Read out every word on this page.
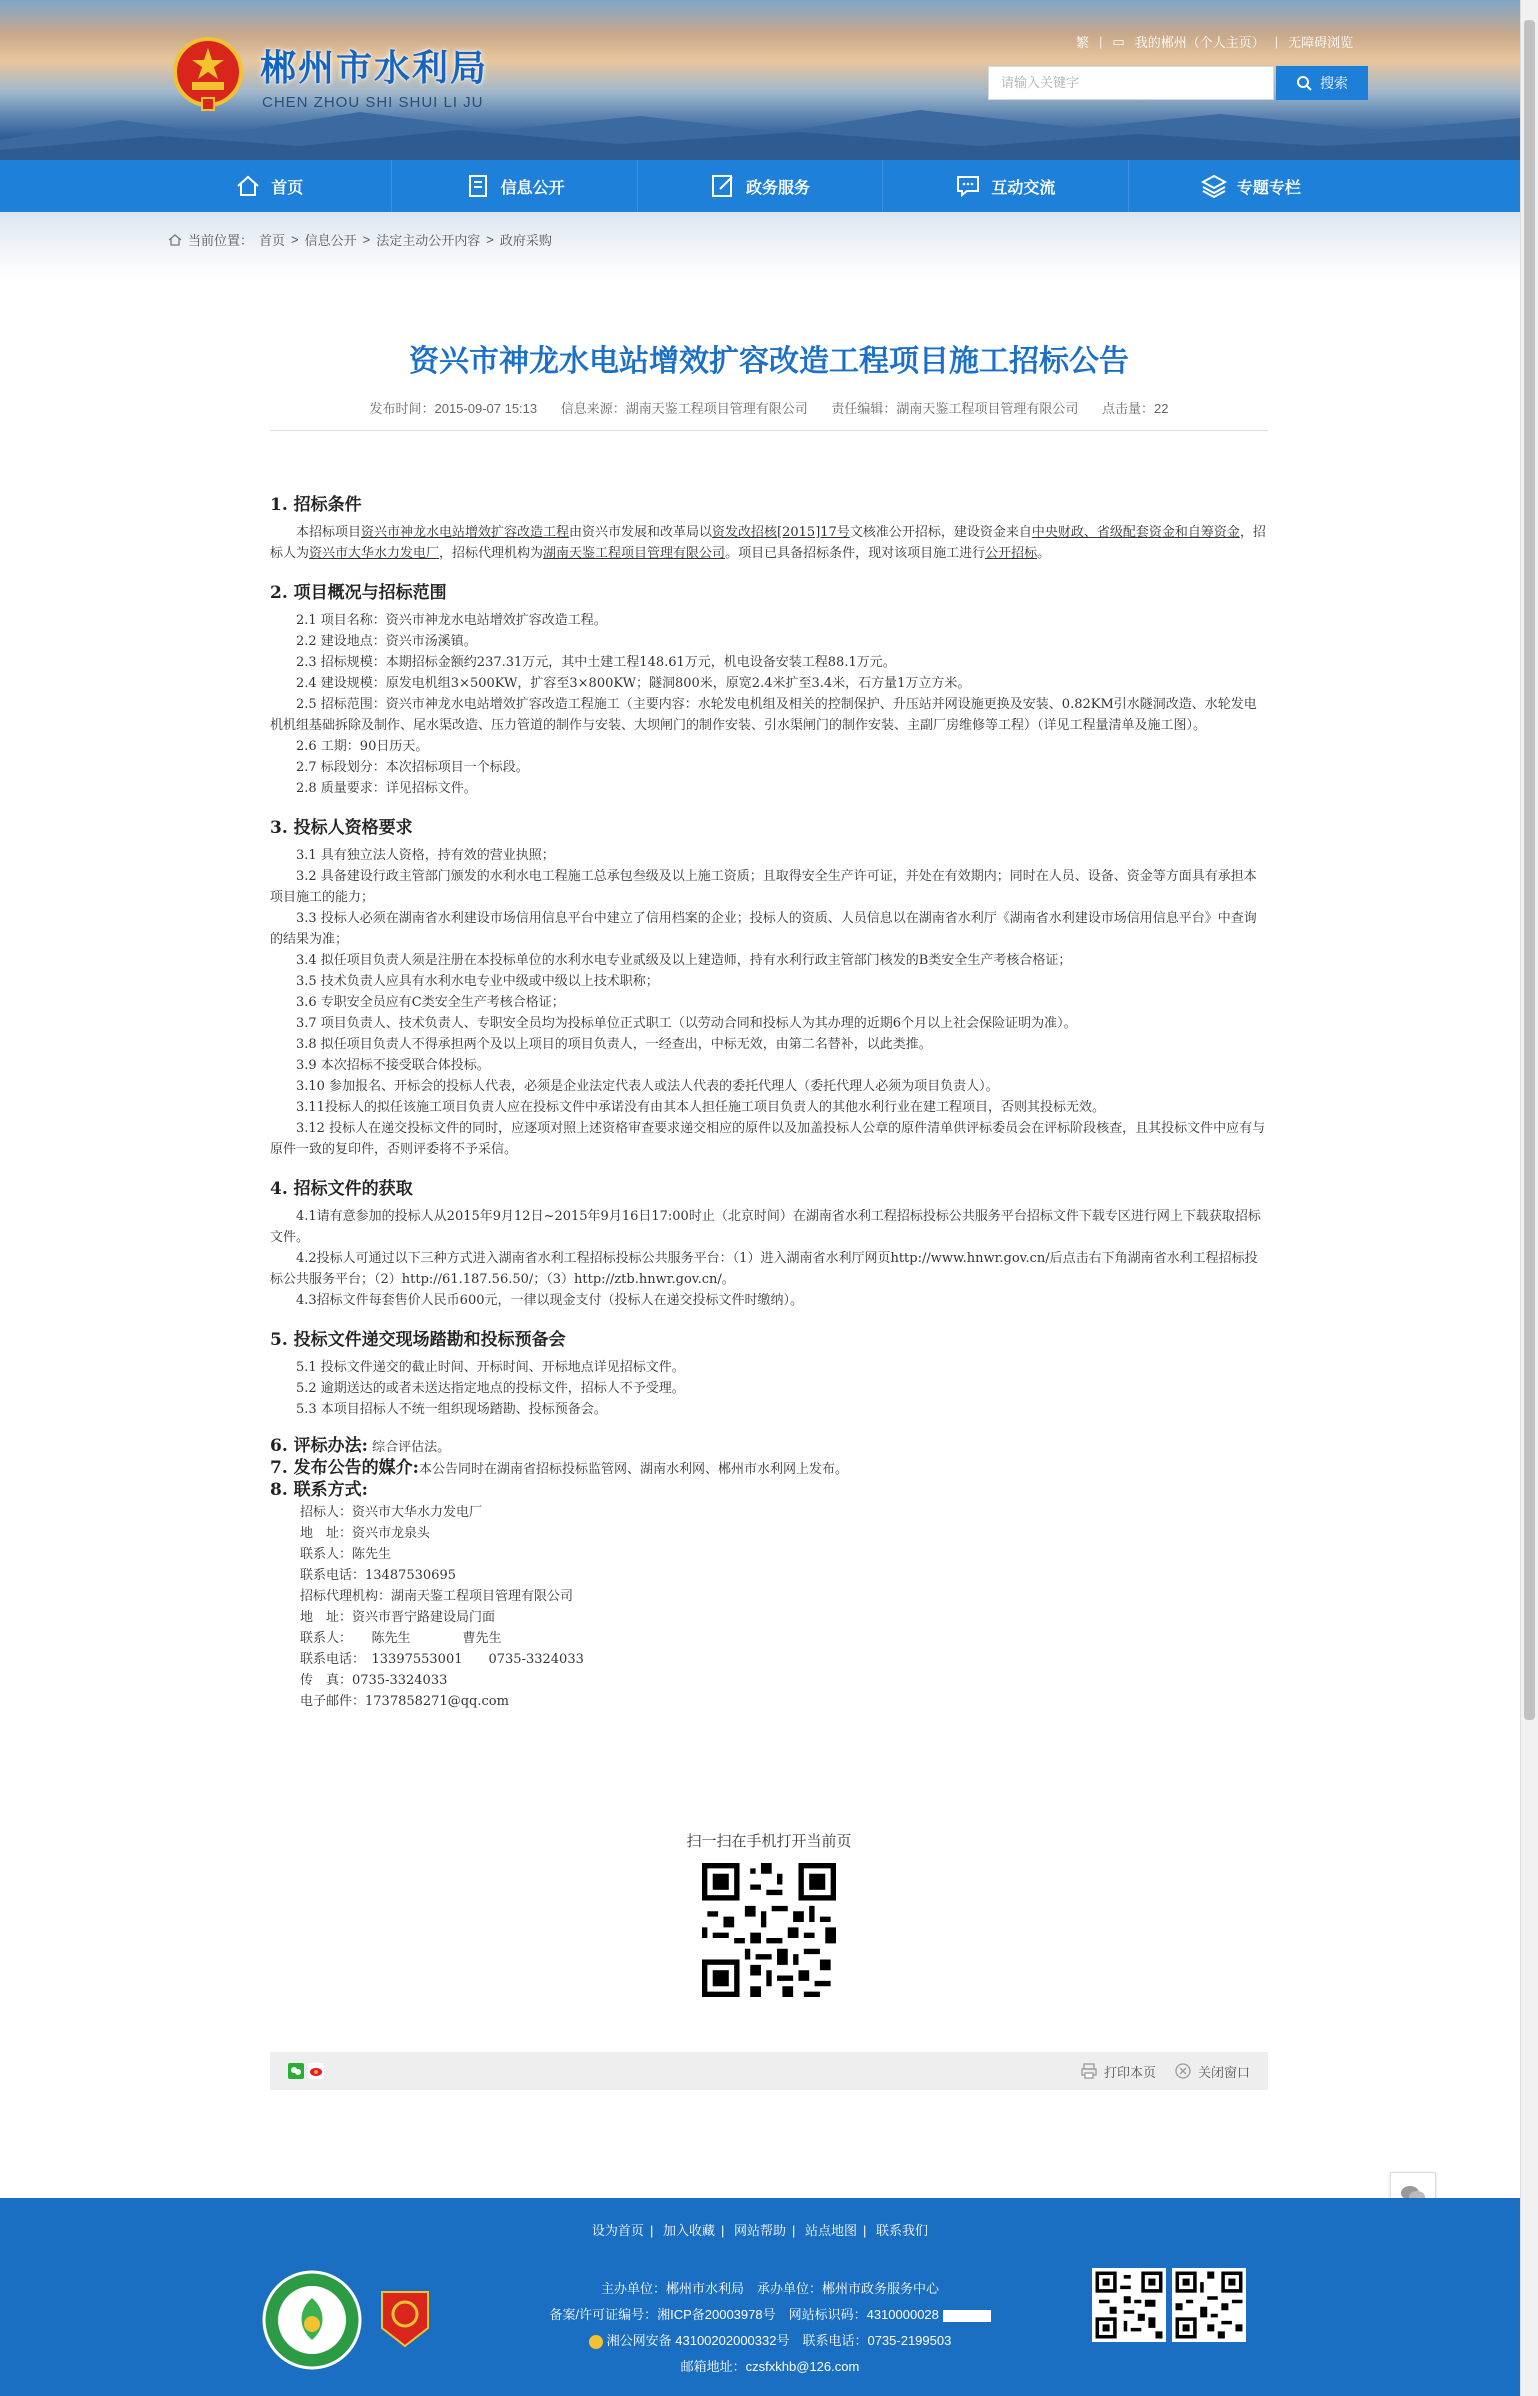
郴州市水利局
CHEN ZHOU SHI SHUI LI JU
繁 | ▭ 我的郴州（个人主页） | 无障碍浏览
请输入关键字	搜索
首页	信息公开	政务服务	互动交流	专题专栏
当前位置： 首页 > 信息公开 > 法定主动公开内容 > 政府采购
资兴市神龙水电站增效扩容改造工程项目施工招标公告
发布时间：2015-09-07 15:13 信息来源：湖南天鉴工程项目管理有限公司 责任编辑：湖南天鉴工程项目管理有限公司 点击量：22
1. 招标条件

本招标项目资兴市神龙水电站增效扩容改造工程由资兴市发展和改革局以资发改招核[2015]17号文核准公开招标，建设资金来自中央财政、省级配套资金和自筹资金，招标人为资兴市大华水力发电厂，招标代理机构为湖南天鉴工程项目管理有限公司。项目已具备招标条件，现对该项目施工进行公开招标。

2. 项目概况与招标范围

2.1 项目名称：资兴市神龙水电站增效扩容改造工程。

2.2 建设地点：资兴市汤溪镇。

2.3 招标规模：本期招标金额约237.31万元，其中土建工程148.61万元，机电设备安装工程88.1万元。

2.4 建设规模：原发电机组3×500KW，扩容至3×800KW；隧洞800米，原宽2.4米扩至3.4米，石方量1万立方米。

2.5 招标范围：资兴市神龙水电站增效扩容改造工程施工（主要内容：水轮发电机组及相关的控制保护、升压站并网设施更换及安装、0.82KM引水隧洞改造、水轮发电机机组基础拆除及制作、尾水渠改造、压力管道的制作与安装、大坝闸门的制作安装、引水渠闸门的制作安装、主副厂房维修等工程）（详见工程量清单及施工图）。

2.6 工期：90日历天。

2.7 标段划分：本次招标项目一个标段。

2.8 质量要求：详见招标文件。

3. 投标人资格要求

3.1 具有独立法人资格，持有效的营业执照；

3.2 具备建设行政主管部门颁发的水利水电工程施工总承包叁级及以上施工资质；且取得安全生产许可证，并处在有效期内；同时在人员、设备、资金等方面具有承担本项目施工的能力；

3.3 投标人必须在湖南省水利建设市场信用信息平台中建立了信用档案的企业；投标人的资质、人员信息以在湖南省水利厅《湖南省水利建设市场信用信息平台》中查询的结果为准；

3.4 拟任项目负责人须是注册在本投标单位的水利水电专业贰级及以上建造师，持有水利行政主管部门核发的B类安全生产考核合格证；

3.5 技术负责人应具有水利水电专业中级或中级以上技术职称；

3.6 专职安全员应有C类安全生产考核合格证；

3.7 项目负责人、技术负责人、专职安全员均为投标单位正式职工（以劳动合同和投标人为其办理的近期6个月以上社会保险证明为准）。

3.8 拟任项目负责人不得承担两个及以上项目的项目负责人，一经查出，中标无效，由第二名替补，以此类推。

3.9 本次招标不接受联合体投标。

3.10 参加报名、开标会的投标人代表，必须是企业法定代表人或法人代表的委托代理人（委托代理人必须为项目负责人）。

3.11投标人的拟任该施工项目负责人应在投标文件中承诺没有由其本人担任施工项目负责人的其他水利行业在建工程项目，否则其投标无效。

3.12 投标人在递交投标文件的同时，应逐项对照上述资格审查要求递交相应的原件以及加盖投标人公章的原件清单供评标委员会在评标阶段核查，且其投标文件中应有与原件一致的复印件，否则评委将不予采信。

4. 招标文件的获取

4.1请有意参加的投标人从2015年9月12日~2015年9月16日17:00时止（北京时间）在湖南省水利工程招标投标公共服务平台招标文件下载专区进行网上下载获取招标文件。

4.2投标人可通过以下三种方式进入湖南省水利工程招标投标公共服务平台：（1）进入湖南省水利厅网页http://www.hnwr.gov.cn/后点击右下角湖南省水利工程招标投标公共服务平台；（2）http://61.187.56.50/；（3）http://ztb.hnwr.gov.cn/。

4.3招标文件每套售价人民币600元，一律以现金支付（投标人在递交投标文件时缴纳）。

5. 投标文件递交现场踏勘和投标预备会

5.1 投标文件递交的截止时间、开标时间、开标地点详见招标文件。

5.2 逾期送达的或者未送达指定地点的投标文件，招标人不予受理。

5.3 本项目招标人不统一组织现场踏勘、投标预备会。

6. 评标办法: 综合评估法。
7. 发布公告的媒介:本公告同时在湖南省招标投标监管网、湖南水利网、郴州市水利网上发布。
8. 联系方式:

招标人：资兴市大华水力发电厂

地　址：资兴市龙泉头

联系人：陈先生

联系电话：13487530695

招标代理机构：湖南天鉴工程项目管理有限公司

地　址：资兴市晋宁路建设局门面

联系人：　　陈先生　　　　曹先生

联系电话：　13397553001　　0735-3324033

传　真：0735-3324033

电子邮件：1737858271@qq.com

扫一扫在手机打开当前页
打印本页	关闭窗口
设为首页 | 加入收藏 | 网站帮助 | 站点地图 | 联系我们
主办单位：郴州市水利局　承办单位：郴州市政务服务中心
备案/许可证编号：湘ICP备20003978号　网站标识码：4310000028
湘公网安备 43100202000332号　联系电话：0735-2199503
邮箱地址：czsfxkhb@126.com
